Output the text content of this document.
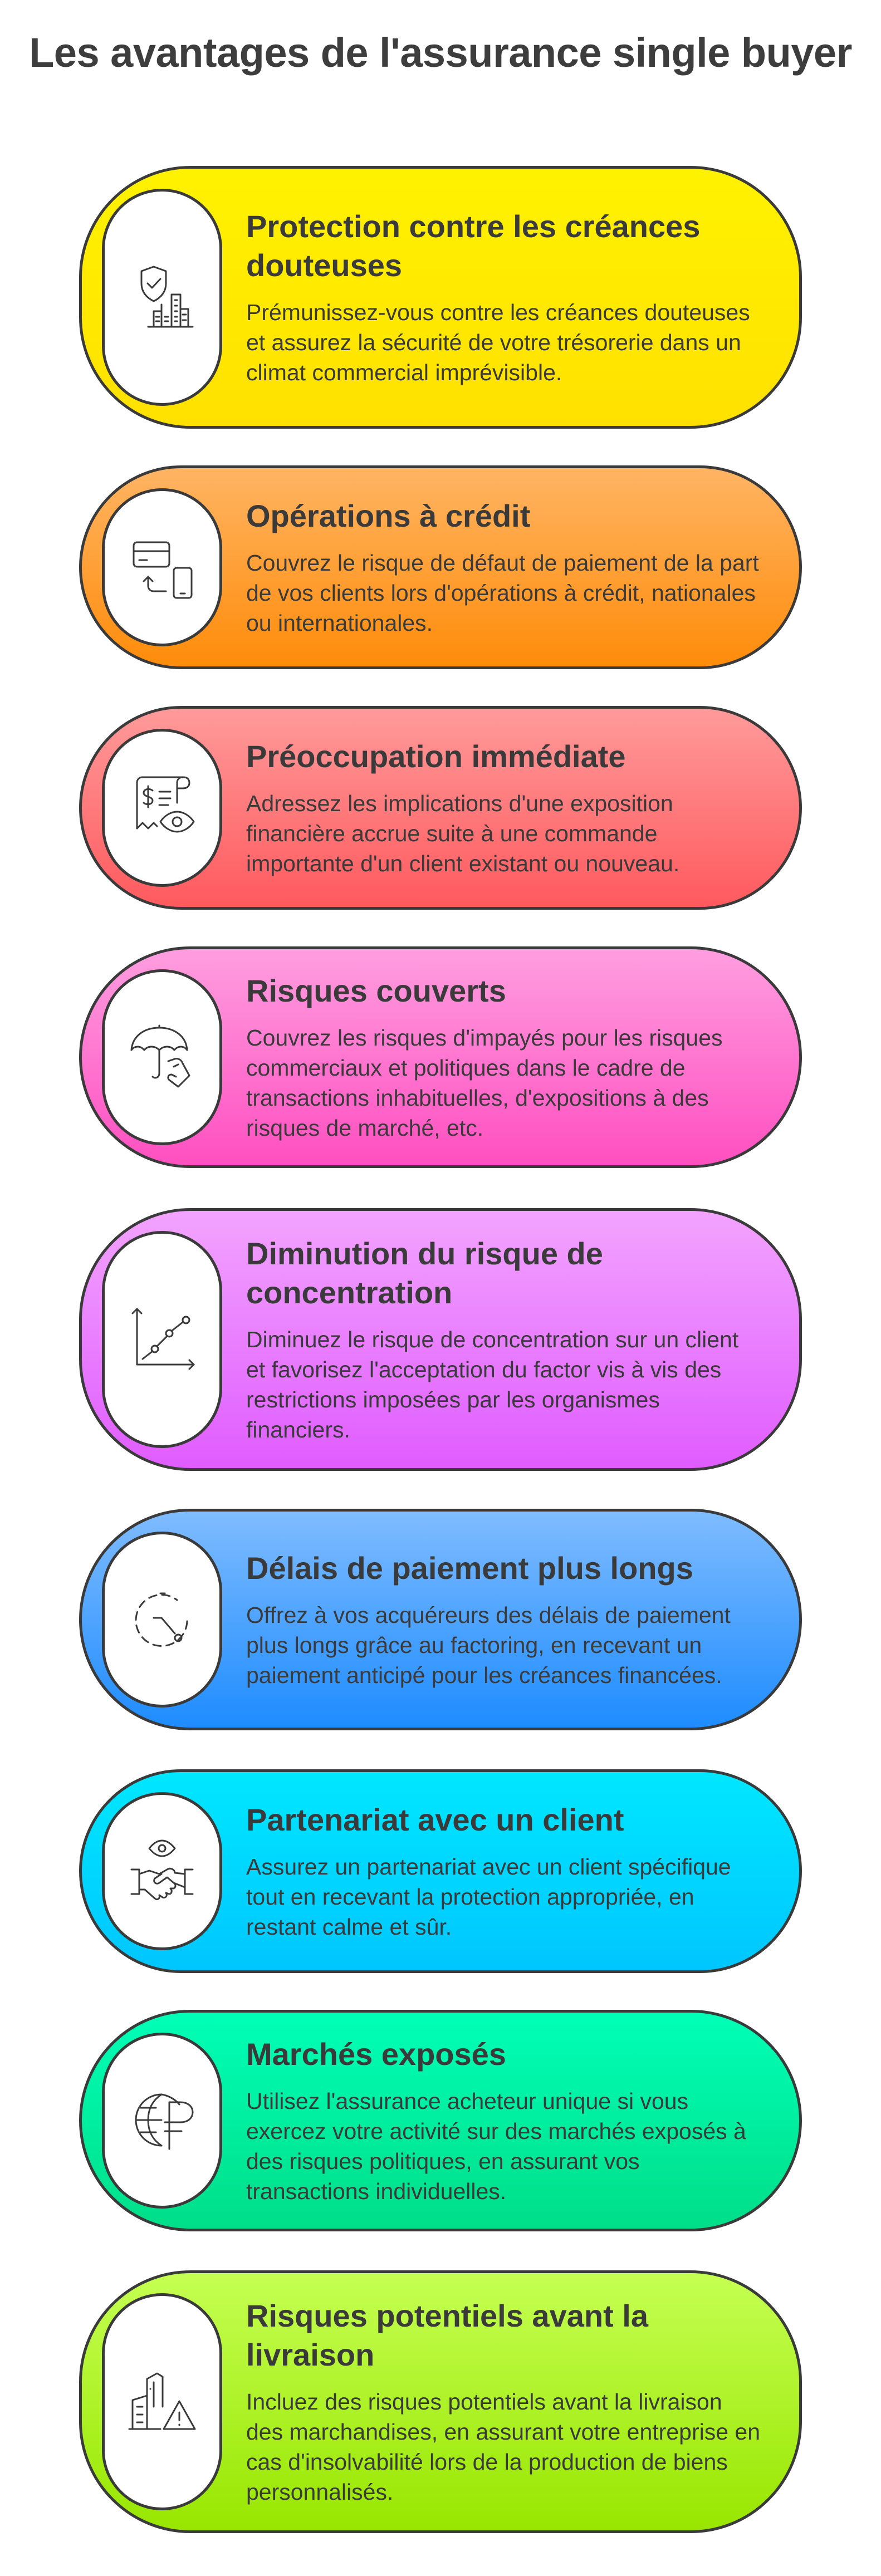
Les avantages de l'assurance single buyer
Protection contre les créances douteuses
Prémunissez-vous contre les créances douteuses et assurez la sécurité de votre trésorerie dans un climat commercial imprévisible.
Opérations à crédit
Couvrez le risque de défaut de paiement de la part de vos clients lors d'opérations à crédit, nationales ou internationales.
Préoccupation immédiate
Adressez les implications d'une exposition financière accrue suite à une commande importante d'un client existant ou nouveau.
Risques couverts
Couvrez les risques d'impayés pour les risques commerciaux et politiques dans le cadre de transactions inhabituelles, d'expositions à des risques de marché, etc.
Diminution du risque de concentration
Diminuez le risque de concentration sur un client et favorisez l'acceptation du factor vis à vis des restrictions imposées par les organismes financiers.
Délais de paiement plus longs
Offrez à vos acquéreurs des délais de paiement plus longs grâce au factoring, en recevant un paiement anticipé pour les créances financées.
Partenariat avec un client
Assurez un partenariat avec un client spécifique tout en recevant la protection appropriée, en restant calme et sûr.
Marchés exposés
Utilisez l'assurance acheteur unique si vous exercez votre activité sur des marchés exposés à des risques politiques, en assurant vos transactions individuelles.
Risques potentiels avant la livraison
Incluez des risques potentiels avant la livraison des marchandises, en assurant votre entreprise en cas d'insolvabilité lors de la production de biens personnalisés.
